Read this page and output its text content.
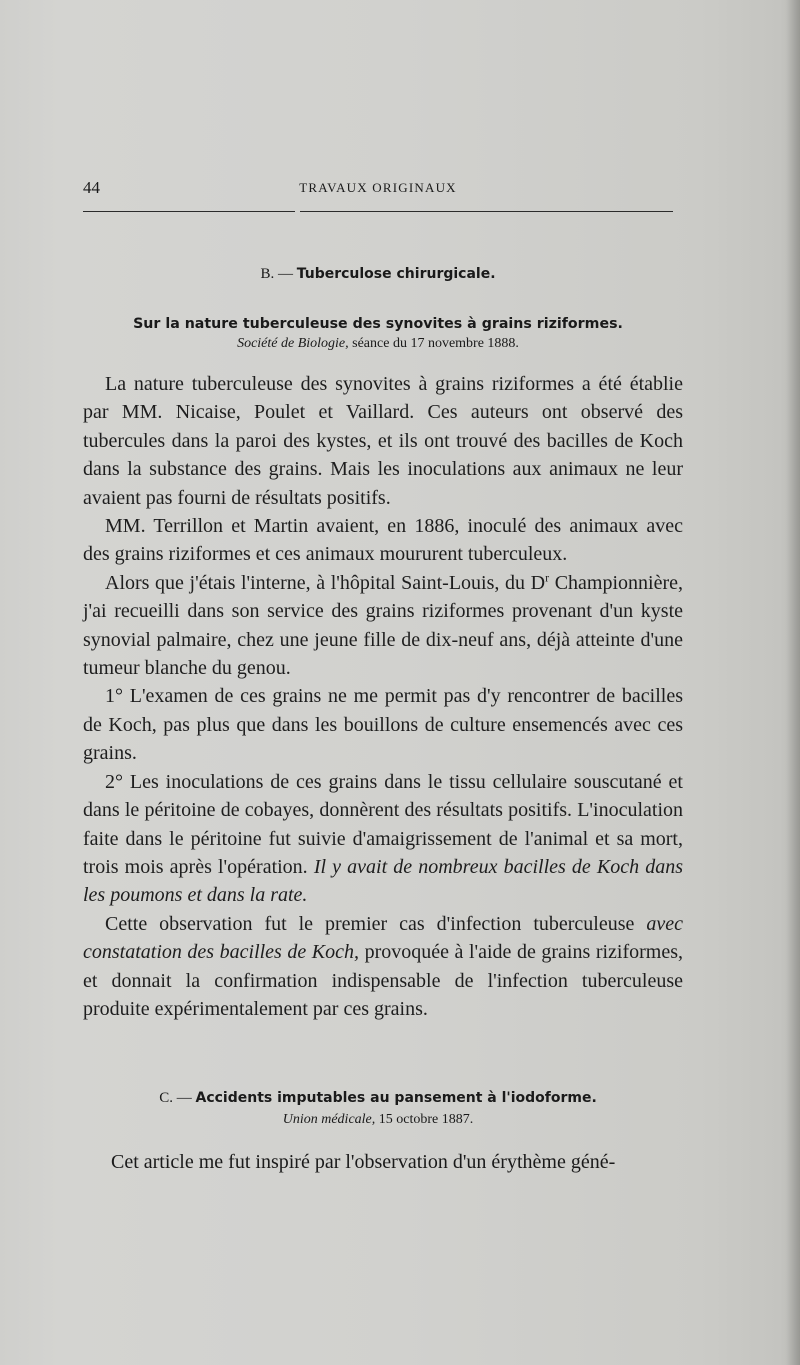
44	TRAVAUX ORIGINAUX
B. — Tuberculose chirurgicale.
Sur la nature tuberculeuse des synovites à grains riziformes.
Société de Biologie, séance du 17 novembre 1888.

La nature tuberculeuse des synovites à grains riziformes a été établie par MM. Nicaise, Poulet et Vaillard. Ces auteurs ont observé des tubercules dans la paroi des kystes, et ils ont trouvé des bacilles de Koch dans la substance des grains. Mais les inoculations aux animaux ne leur avaient pas fourni de résultats positifs.

MM. Terrillon et Martin avaient, en 1886, inoculé des animaux avec des grains riziformes et ces animaux moururent tuberculeux.

Alors que j'étais l'interne, à l'hôpital Saint-Louis, du $D^r$ Championnière, j'ai recueilli dans son service des grains riziformes provenant d'un kyste synovial palmaire, chez une jeune fille de dix-neuf ans, déjà atteinte d'une tumeur blanche du genou.

1° L'examen de ces grains ne me permit pas d'y rencontrer de bacilles de Koch, pas plus que dans les bouillons de culture ensemencés avec ces grains.

2° Les inoculations de ces grains dans le tissu cellulaire souscutané et dans le péritoine de cobayes, donnèrent des résultats positifs. L'inoculation faite dans le péritoine fut suivie d'amaigrissement de l'animal et sa mort, trois mois après l'opération. Il y avait de nombreux bacilles de Koch dans les poumons et dans la rate.

Cette observation fut le premier cas d'infection tuberculeuse avec constatation des bacilles de Koch, provoquée à l'aide de grains riziformes, et donnait la confirmation indispensable de l'infection tuberculeuse produite expérimentalement par ces grains.

C. — Accidents imputables au pansement à l'iodoforme.
Union médicale, 15 octobre 1887.
Cet article me fut inspiré par l'observation d'un érythème géné-
